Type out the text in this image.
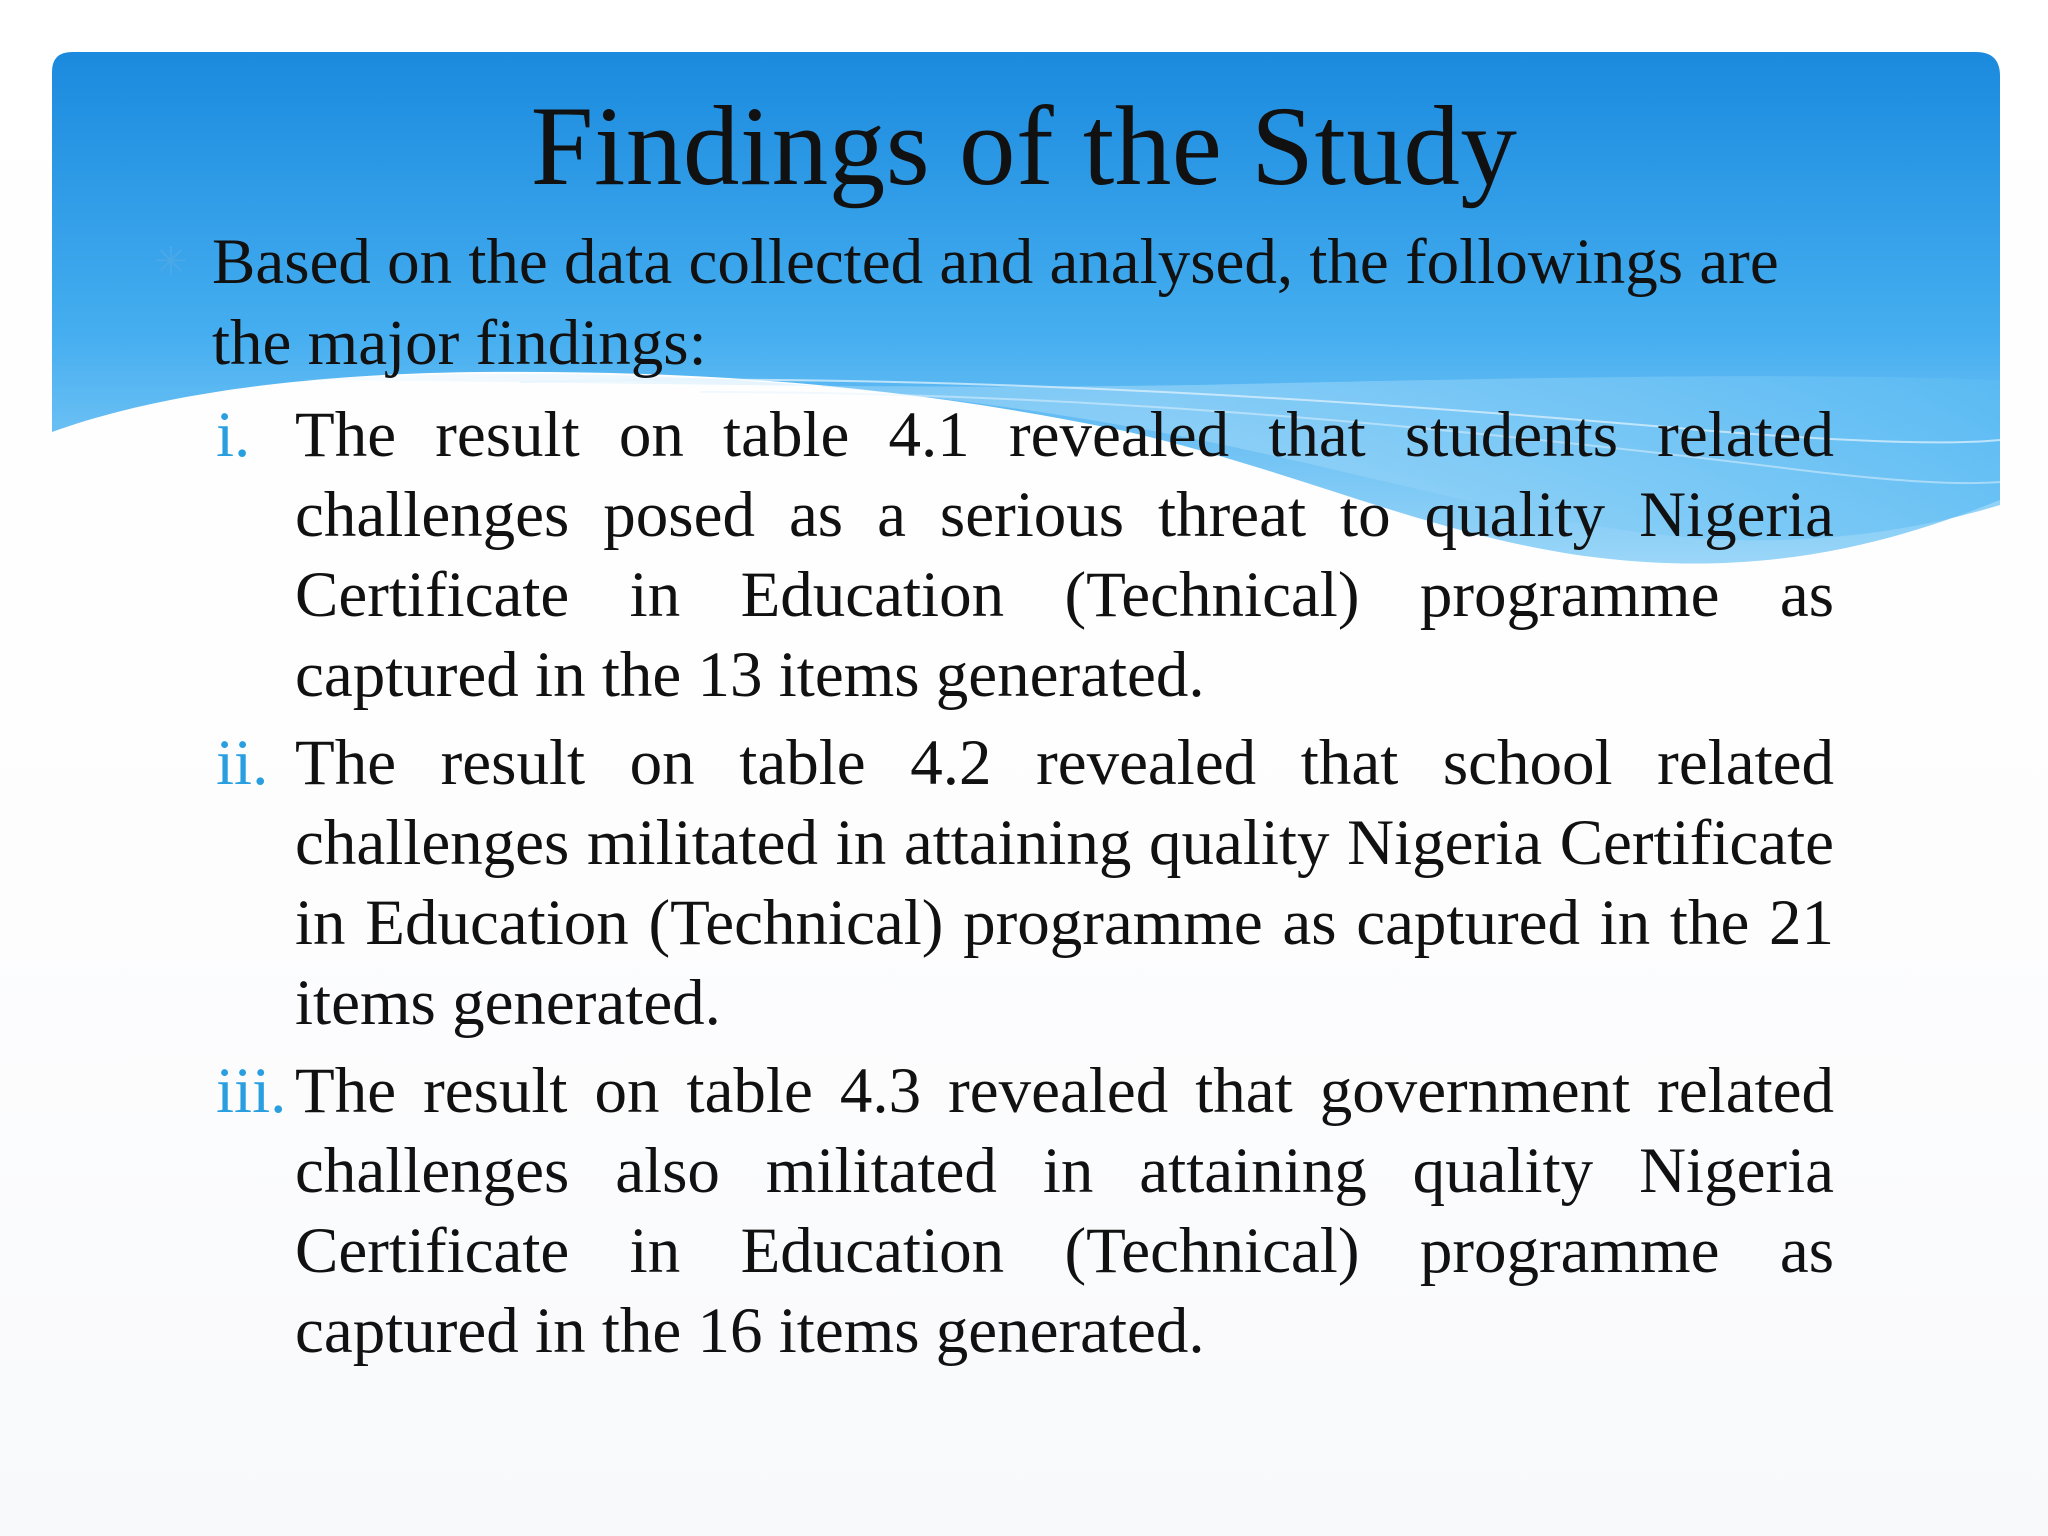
Findings of the Study
✳ Based on the data collected and analysed, the followings are the major findings:
i. The result on table 4.1 revealed that students related challenges posed as a serious threat to quality Nigeria Certificate in Education (Technical) programme as captured in the 13 items generated.
ii. The result on table 4.2 revealed that school related challenges militated in attaining quality Nigeria Certificate in Education (Technical) programme as captured in the 21 items generated.
iii. The result on table 4.3 revealed that government related challenges also militated in attaining quality Nigeria Certificate in Education (Technical) programme as captured in the 16 items generated.
